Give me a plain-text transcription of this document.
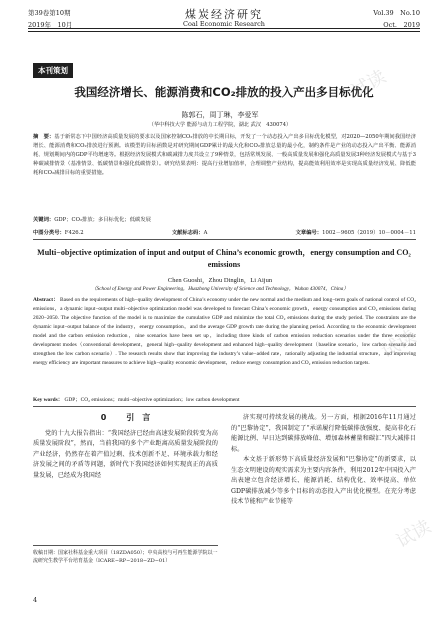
第39卷第10期
2019年　10月
煤炭经济研究
Coal Economic Research
Vol.39　No.10
Oct.　2019
本刊策划
我国经济增长、能源消费和CO₂排放的投入产出多目标优化
陈郭石，周丁琳，李爱军
（华中科技大学 能源与动力工程学院，湖北 武汉　430074）
摘　要：基于新常态下中国经济高质量发展的要求以及国家控制CO₂排放的中长期目标，开发了一个动态投入产出多目标优化模型，对2020—2050年期间我国经济增长、能源消费和CO₂排放进行预测。该模型的目标函数是对研究期间GDP累计的最大化和CO₂排放总量的最小化，制约条件是产业的动态投入产出平衡、能源消耗、规划期间内的GDP平均增速等。根据经济发展模式和碳减排力度共设立了9种情景，包括常规发展、一般高质量发展和强化高质量发展3种经济发展模式与基于3种碳减排情景（基准情景、低碳情景和强化低碳情景）。研究结果表明：提高行业增加值率，合理调整产业结构，提高能效利用效率是实现高质量经济发展、降低能耗和CO₂减排目标的重要措施。
关键词：GDP；CO₂排放；多目标优化；低碳发展
中图分类号：F426.2	文献标志码：A	文章编号：1002－9605（2019）10－0004－11
Multi−objective optimization of input and output of China’s economic growth，energy consumption and CO₂ emissions
Chen Guoshi，Zhou Dinglin，Li Aijun
（School of Energy and Power Engineering，Huazhong University of Science and Technology，Wuhan 430074，China）
Abstract： Based on the requirements of high−quality development of China’s economy under the new normal and the medium and long−term goals of national control of CO₂ emissions，a dynamic input−output multi−objective optimization model was developed to forecast China’s economic growth，energy consumption and CO₂ emissions during 2020−2050. The objective function of the model is to maximize the cumulative GDP and minimize the total CO₂ emissions during the study period. The constraints are the dynamic input−output balance of the industry，energy consumption，and the average GDP growth rate during the planning period. According to the economic development model and the carbon emission reduction，nine scenarios have been set up，including three kinds of carbon emission reduction scenarios under the three economic development modes（conventional development，general high−quality development and enhanced high−quality development（baseline scenario，low carbon scenario and strengthen the low carbon scenario）. The research results show that improving the industry’s value−added rate，rationally adjusting the industrial structure，and improving energy efficiency are important measures to achieve high−quality economic development，reduce energy consumption and CO₂ emission reduction targets.
Key words： GDP；CO₂ emissions；multi−objective optimization；low carbon development
0	引　言

党的十九大报告指出：“我国经济已经由高速发展阶段转变为高质量发展阶段”，然而，当前我国的多个产业距离高质量发展阶段的产业经济，仍然存在着产值过剩、技术创新不足、环境承载力和经济发展之间的矛盾等问题，新时代下我国经济如何实现真正的高质量发展，已经成为我国经

济实现可持续发展的挑战。另一方面，根据2016年11月通过的“巴黎协定”，我国制定了“承诺履行降低碳排放强度、提高非化石能源比例、早日达到碳排放峰值、增加森林蓄量和碳汇”四大减排目标。

本文基于新形势下高质量经济发展和“巴黎协定”的新要求，以生态文明建设的观实需求为主要内容条件，利用2012年中国投入产出表建立包含经济增长、能源消耗、结构优化、效率提高、单位GDP碳排放减少等多个目标的动态投入产出优化模型。在充分考虑技术节能和产业节能等

收稿日期：国家社科基金重大项目（18ZDA050）；中央高校与可再生能源学院以一流研究生教学平台培育基金（ICARE−RP−2018−ZD−01）
4
试读
试读
试读
